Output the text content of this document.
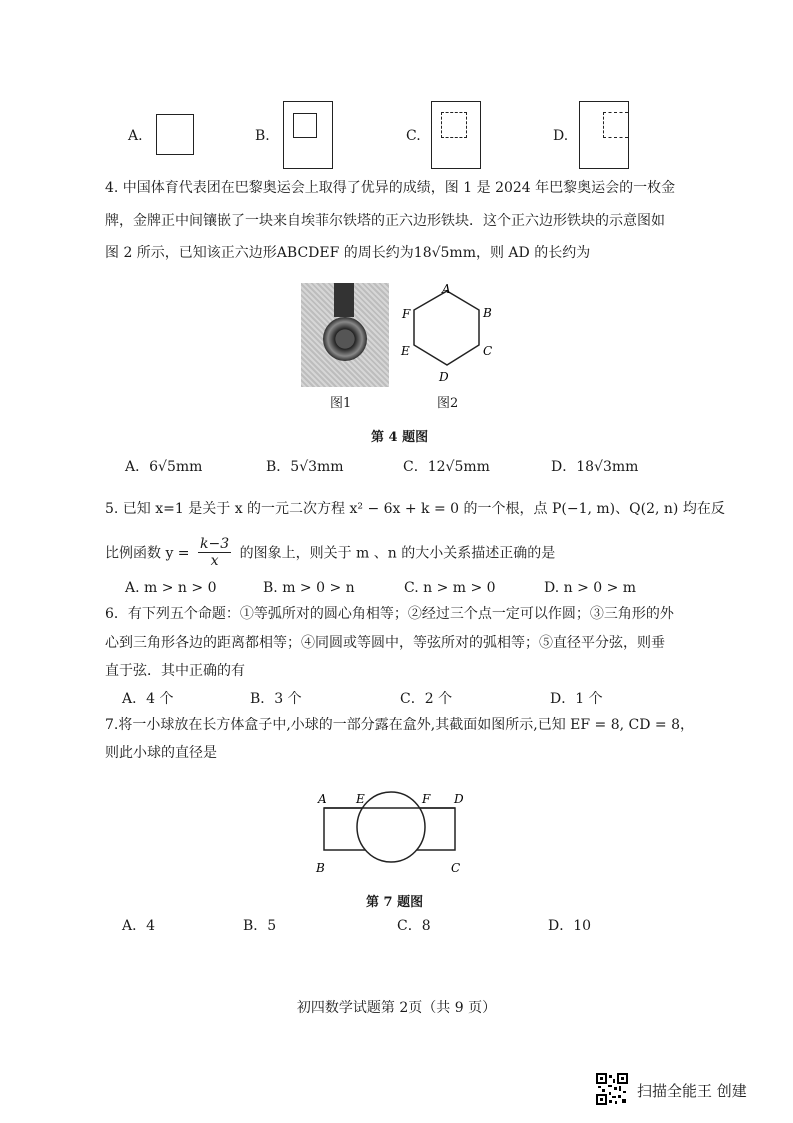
A.	B.	C.	D.
4. 中国体育代表团在巴黎奥运会上取得了优异的成绩，图 1 是 2024 年巴黎奥运会的一枚金
牌，金牌正中间镶嵌了一块来自埃菲尔铁塔的正六边形铁块．这个正六边形铁块的示意图如
图 2 所示，已知该正六边形ABCDEF 的周长约为18√5mm，则 AD 的长约为
图1
A
B
C
D
E
F
图2
第 4 题图
A．6√5mm	B．5√3mm	C．12√5mm	D．18√3mm
5. 已知 x=1 是关于 x 的一元二次方程 x² − 6x + k = 0 的一个根，点 P(−1, m)、Q(2, n) 均在反
比例函数 $y = \frac{k-3}{x}$ 的图象上，则关于 m 、n 的大小关系描述正确的是
A. m > n > 0	B. m > 0 > n	C. n > m > 0	D. n > 0 > m
6．有下列五个命题：①等弧所对的圆心角相等；②经过三个点一定可以作圆；③三角形的外
心到三角形各边的距离都相等；④同圆或等圆中，等弦所对的弧相等；⑤直径平分弦，则垂
直于弦．其中正确的有
A．4 个	B．3 个	C．2 个	D．1 个
7.将一小球放在长方体盒子中,小球的一部分露在盒外,其截面如图所示,已知 EF = 8, CD = 8，
则此小球的直径是
A E	F D
B	C
第 7 题图
A．4	B．5	C．8	D．10
初四数学试题第 2页（共 9 页）
扫描全能王 创建
